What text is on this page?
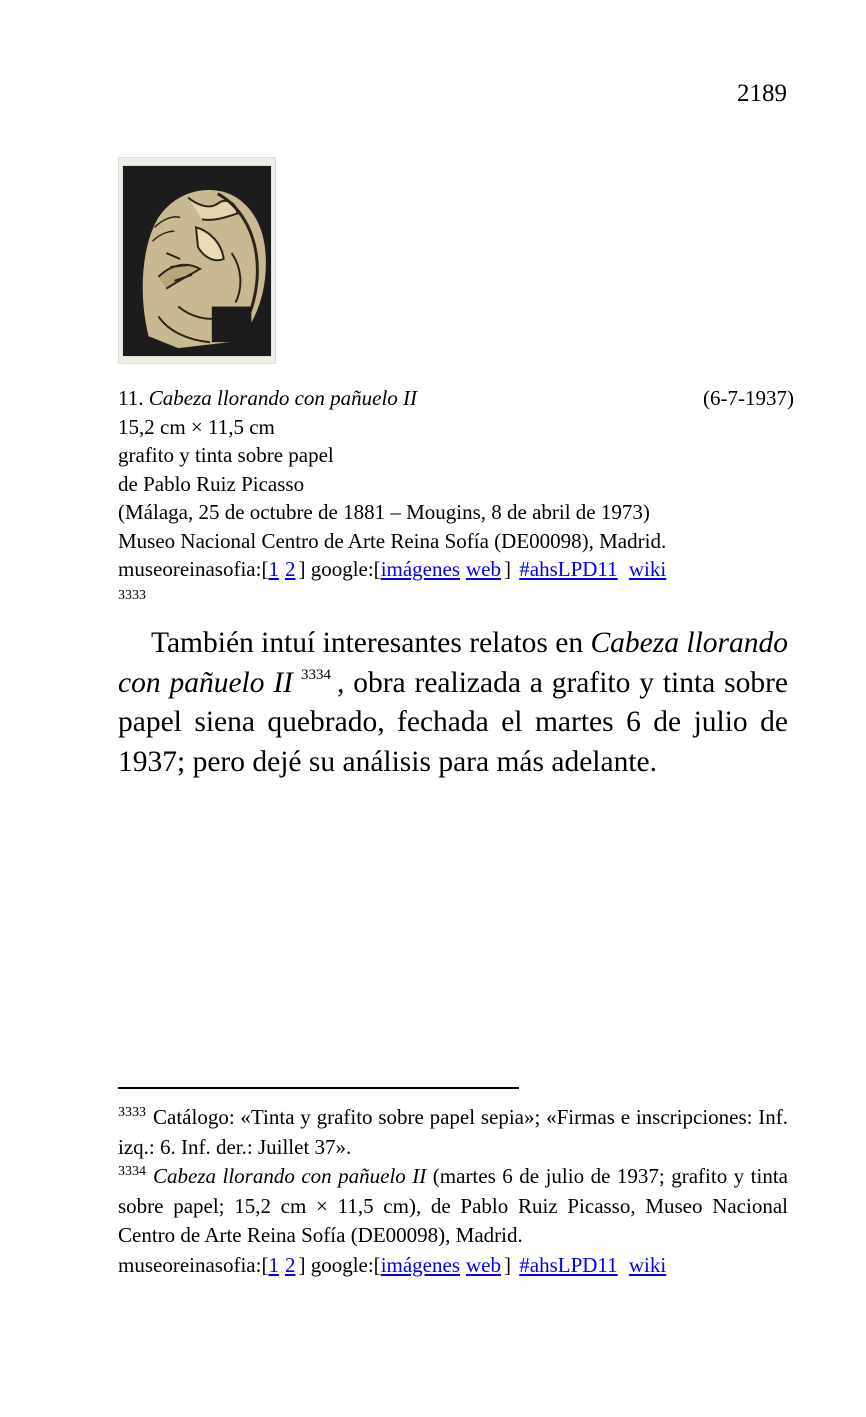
2189
11. Cabeza llorando con pañuelo II	(6-7-1937)
15,2 cm × 11,5 cm
grafito y tinta sobre papel
de Pablo Ruiz Picasso
(Málaga, 25 de octubre de 1881 – Mougins, 8 de abril de 1973)
Museo Nacional Centro de Arte Reina Sofía (DE00098), Madrid.
museoreinasofia:[1 2 ] google:[imágenes web ] #ahsLPD11 wiki
3333
También intuí interesantes relatos en Cabeza llorando con pañuelo II $^{3334}$ , obra realizada a grafito y tinta sobre papel siena quebrado, fechada el martes 6 de julio de 1937; pero dejé su análisis para más adelante.
$^{3333}$ Catálogo: «Tinta y grafito sobre papel sepia»; «Firmas e inscripciones: Inf. izq.: 6. Inf. der.: Juillet 37».
$^{3334}$ Cabeza llorando con pañuelo II (martes 6 de julio de 1937; grafito y tinta sobre papel; 15,2 cm × 11,5 cm), de Pablo Ruiz Picasso, Museo Nacional Centro de Arte Reina Sofía (DE00098), Madrid.
museoreinasofia:[1 2 ] google:[imágenes web ] #ahsLPD11 wiki
